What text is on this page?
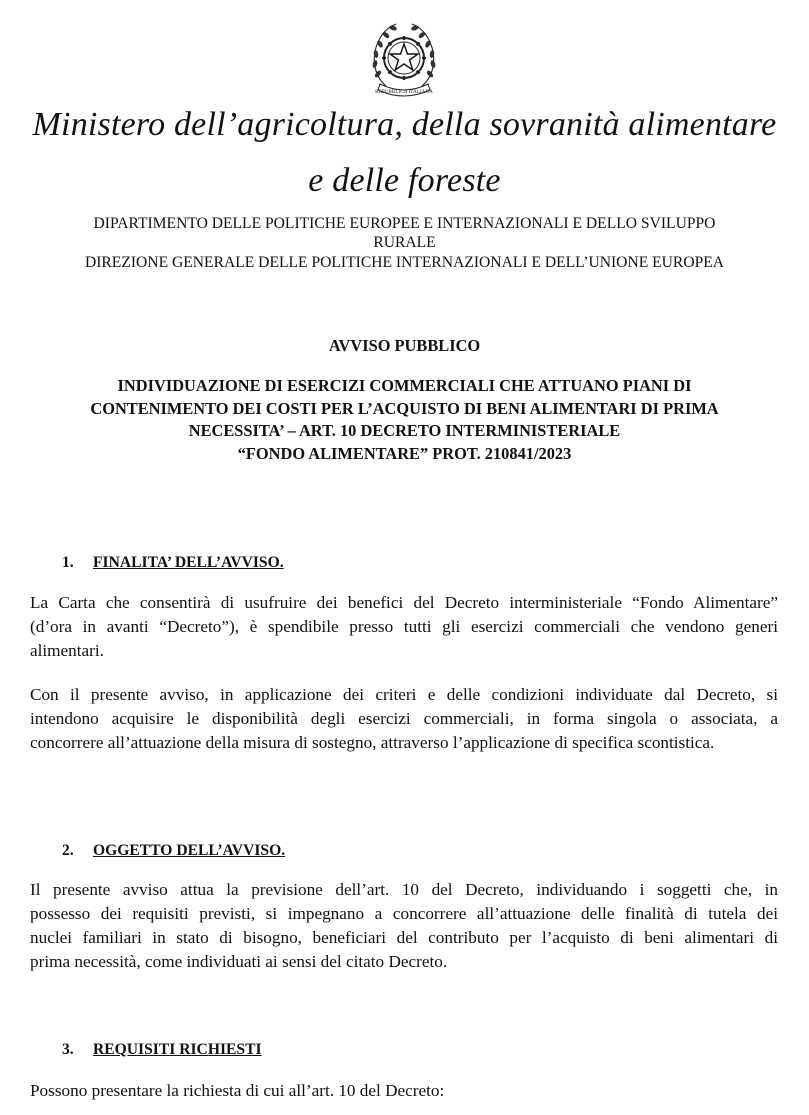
REPUBBLICA ITALIANA
Ministero dell’agricoltura, della sovranità alimentare
e delle foreste
DIPARTIMENTO DELLE POLITICHE EUROPEE E INTERNAZIONALI E DELLO SVILUPPO
RURALE
DIREZIONE GENERALE DELLE POLITICHE INTERNAZIONALI E DELL’UNIONE EUROPEA
AVVISO PUBBLICO
INDIVIDUAZIONE DI ESERCIZI COMMERCIALI CHE ATTUANO PIANI DI
CONTENIMENTO DEI COSTI PER L’ACQUISTO DI BENI ALIMENTARI DI PRIMA
NECESSITA’ – ART. 10 DECRETO INTERMINISTERIALE
“FONDO ALIMENTARE” PROT. 210841/2023
1. FINALITA’ DELL’AVVISO.
La Carta che consentirà di usufruire dei benefici del Decreto interministeriale “Fondo Alimentare”
(d’ora in avanti “Decreto”), è spendibile presso tutti gli esercizi commerciali che vendono generi
alimentari.
Con il presente avviso, in applicazione dei criteri e delle condizioni individuate dal Decreto, si
intendono acquisire le disponibilità degli esercizi commerciali, in forma singola o associata, a
concorrere all’attuazione della misura di sostegno, attraverso l’applicazione di specifica scontistica.
2. OGGETTO DELL’AVVISO.
Il presente avviso attua la previsione dell’art. 10 del Decreto, individuando i soggetti che, in
possesso dei requisiti previsti, si impegnano a concorrere all’attuazione delle finalità di tutela dei
nuclei familiari in stato di bisogno, beneficiari del contributo per l’acquisto di beni alimentari di
prima necessità, come individuati ai sensi del citato Decreto.
3. REQUISITI RICHIESTI
Possono presentare la richiesta di cui all’art. 10 del Decreto:
